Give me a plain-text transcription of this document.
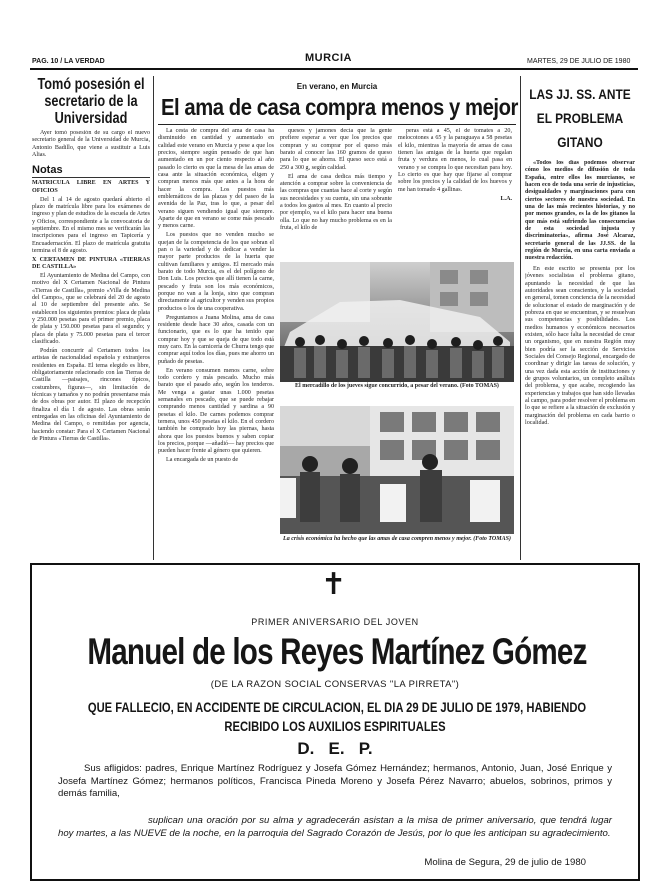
PAG. 10 / LA VERDAD	MURCIA	MARTES, 29 DE JULIO DE 1980
Tomó posesión el secretario de la Universidad
Ayer tomó posesión de su cargo el nuevo secretario general de la Universidad de Murcia, Antonio Badillo, que viene a sustituir a Luis Alias.
Notas

MATRICULA LIBRE EN ARTES Y OFICIOS

Del 1 al 14 de agosto quedará abierto el plazo de matrícula libre para los exámenes de ingreso y plan de estudios de la escuela de Artes y Oficios, correspondiente a la convocatoria de septiembre. En el mismo mes se verificarán las inscripciones para el ingreso en Tapicería y Encuadernación. El plazo de matrícula gratuita termina el 8 de agosto.

X CERTAMEN DE PINTURA «TIERRAS DE CASTILLA»

El Ayuntamiento de Medina del Campo, con motivo del X Certamen Nacional de Pintura «Tierras de Castilla», premio «Villa de Medina del Campo», que se celebrará del 20 de agosto al 10 de septiembre del presente año. Se establecen los siguientes premios: placa de plata y 250.000 pesetas para el primer premio, placa de plata y 150.000 pesetas para el segundo; y placa de plata y 75.000 pesetas para el tercer clasificado.

Podrán concurrir al Certamen todos los artistas de nacionalidad española y extranjeros residentes en España. El tema elegido es libre, obligatoriamente relacionado con las Tierras de Castilla —paisajes, rincones típicos, costumbres, figuras—, sin limitación de técnicas y tamaños y no podrán presentarse más de dos obras por autor. El plazo de recepción finaliza el día 1 de agosto. Las obras serán entregadas en las oficinas del Ayuntamiento de Medina del Campo, o remitidas por agencia, haciendo constar: Para el X Certamen Nacional de Pintura «Tierras de Castilla».

En verano, en Murcia
El ama de casa compra menos y mejor

La cesta de compra del ama de casa ha disminuido en cantidad y aumentado en calidad este verano en Murcia y pese a que los precios, siempre según pensado de que han aumentado en un por ciento respecto al año pasado lo cierto es que la mesa de las amas de casa ante la situación económica, eligen y compran menos más que antes a la hora de hacer la compra. Los puestos más emblemáticos de las plazas y del paseo de la avenida de la Paz, tras lo que, a pesar del verano siguen vendiendo igual que siempre. Aparte de que en verano se come más pescado y menos carne.

Los puestos que no venden mucho se quejan de la competencia de los que sobran el pan o la variedad y de dedicar a vender la mayor parte productos de la huerta que cultivan familiares y amigos. El mercado más barato de todo Murcia, es el del polígono de Don Luis. Los precios que allí tienen la carne, pescado y fruta son los más económicos, porque no van a la lonja, sino que compran directamente al agricultor y venden sus propios productos o los de una cooperativa.

Preguntamos a Juana Molina, ama de casa residente desde hace 30 años, casada con un funcionario, que es lo que ha tenido que comprar hoy y que se queja de que todo está muy caro. En la carnicería de Churra tengo que comprar aquí todos los días, pues me ahorro un puñado de pesetas.

En verano consumen menos carne, sobre todo cordero y más pescado. Mucho más barato que el pasado año, según los tenderos. Me venga a gastar unas 1.000 pesetas semanales en pescado, que se puede rebajar comprando menos cantidad y sardina a 90 pesetas el kilo. De carnes podemos comprar ternera, unos 450 pesetas el kilo. En el cordero también he comprado hoy las piernas, hasta ahora que los puestos buenos y saben copiar los precios, porque —añadió— hay precios que pueden hacer frente al género que quieren.

La encargada de un puesto de

quesos y jamones decía que la gente prefiere esperar a ver que los precios que compran y su comprar por el queso más barato al conocer las 160 gramos de queso para lo que se ahorra. El queso seco está a 250 a 300 g, según calidad.

El ama de casa dedica más tiempo y atención a comprar sobre la conveniencia de las compras que cuantas hace al corte y según sus necesidades y su cuenta, sin una sobrante a todos los gastos al mes. En cuanto al precio por ejemplo, va el kilo para hacer una buena olla. Lo que no hay mucho problema es en la fruta, el kilo de

peras está a 45, el de tomates a 20, melocotones a 65 y la paraguaya a 58 pesetas el kilo, mientras la mayoría de amas de casa tienen las amigas de la huerta que regalan fruta y verdura en menos, lo cual pasa en verano y se compra lo que necesitan para hoy. Lo cierto es que hay que fijarse al comprar sobre los precios y la calidad de los huevos y me han tomado 4 gallinas.

L.A.

El mercadillo de los jueves sigue concurrido, a pesar del verano. (Foto TOMAS)
La crisis económica ha hecho que las amas de casa compren menos y mejor. (Foto TOMAS)
LAS JJ. SS. ANTE EL PROBLEMA GITANO

«Todos los días podemos observar cómo los medios de difusión de toda España, entre ellos los murcianos, se hacen eco de toda una serie de injusticias, desigualdades y marginaciones para con ciertos sectores de nuestra sociedad. En una de las más recientes historias, y no por menos grandes, es la de los gitanos la que más está sufriendo las consecuencias de esta sociedad injusta y discriminatoria», afirma José Alcaraz, secretario general de las JJ.SS. de la región de Murcia, en una carta enviada a nuestra redacción.

En este escrito se presenta por los jóvenes socialistas el problema gitano, apuntando la necesidad de que las autoridades sean conscientes, y la sociedad en general, tomen conciencia de la necesidad de solucionar el estado de marginación y de pobreza en que se encuentran, y se resuelvan sus competencias y posibilidades. Los medios humanos y económicos necesarios existen, sólo hace falta la necesidad de crear un organismo, que en nuestra Región muy bien podría ser la sección de Servicios Sociales del Consejo Regional, encargado de coordinar y dirigir las tareas de solución, y una vez dada esta acción de instituciones y de grupos voluntarios, un completo análisis del problema, y que acabe, recogiendo las experiencias y trabajos que han sido llevadas al campo, para poder resolver el problema en lo que se refiere a la situación de exclusión y marginación del problema en cada barrio o localidad.

✝
PRIMER ANIVERSARIO DEL JOVEN
Manuel de los Reyes Martínez Gómez
(DE LA RAZON SOCIAL CONSERVAS "LA PIRRETA")
QUE FALLECIO, EN ACCIDENTE DE CIRCULACION, EL DIA 29 DE JULIO DE 1979, HABIENDO
RECIBIDO LOS AUXILIOS ESPIRITUALES
D.   E.   P.
Sus afligidos: padres, Enrique Martínez Rodríguez y Josefa Gómez Hernández; hermanos, Antonio, Juan, José Enrique y Josefa Martínez Gómez; hermanos políticos, Francisca Pineda Moreno y Josefa Pérez Navarro; abuelos, sobrinos, primos y demás familia,
suplican una oración por su alma y agradecerán asistan a la misa de primer aniversario, que tendrá lugar hoy martes, a las NUEVE de la noche, en la parroquia del Sagrado Corazón de Jesús, por lo que les anticipan su agradecimiento.
Molina de Segura, 29 de julio de 1980
